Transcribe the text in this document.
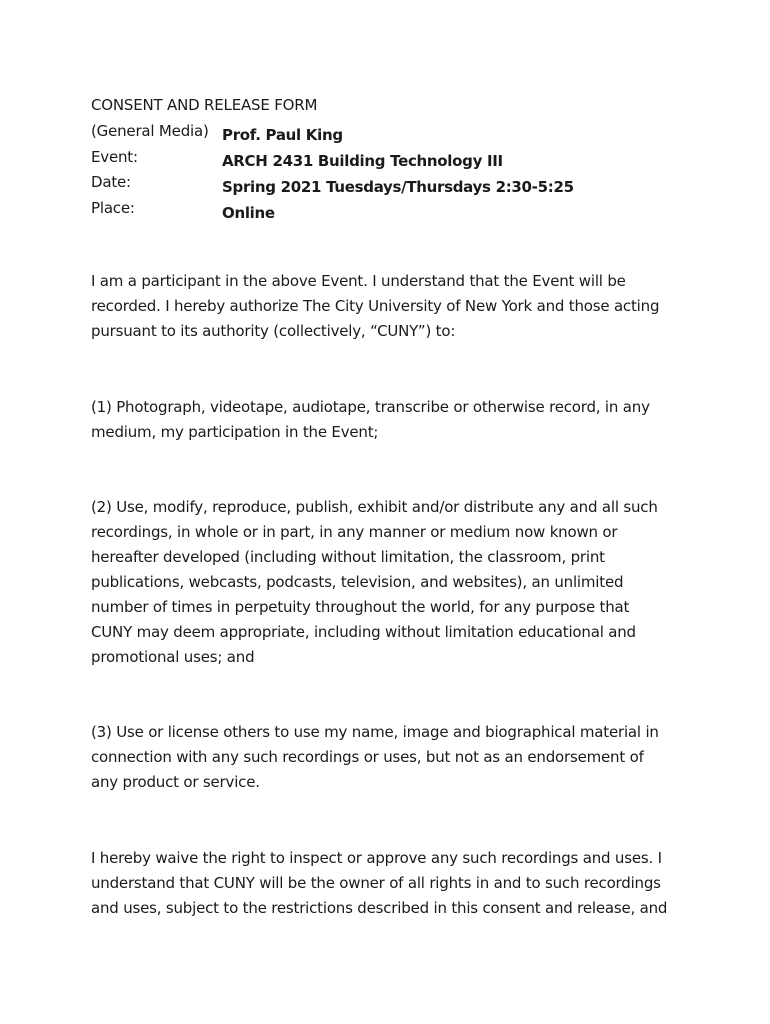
CONSENT AND RELEASE FORM
(General Media) Prof. Paul King
Event:	ARCH 2431 Building Technology III
Date:	Spring 2021 Tuesdays/Thursdays 2:30-5:25
Place:	Online

I am a participant in the above Event. I understand that the Event will be
recorded. I hereby authorize The City University of New York and those acting
pursuant to its authority (collectively, “CUNY”) to:

(1) Photograph, videotape, audiotape, transcribe or otherwise record, in any
medium, my participation in the Event;

(2) Use, modify, reproduce, publish, exhibit and/or distribute any and all such
recordings, in whole or in part, in any manner or medium now known or
hereafter developed (including without limitation, the classroom, print
publications, webcasts, podcasts, television, and websites), an unlimited
number of times in perpetuity throughout the world, for any purpose that
CUNY may deem appropriate, including without limitation educational and
promotional uses; and

(3) Use or license others to use my name, image and biographical material in
connection with any such recordings or uses, but not as an endorsement of
any product or service.

I hereby waive the right to inspect or approve any such recordings and uses. I
understand that CUNY will be the owner of all rights in and to such recordings
and uses, subject to the restrictions described in this consent and release, and
